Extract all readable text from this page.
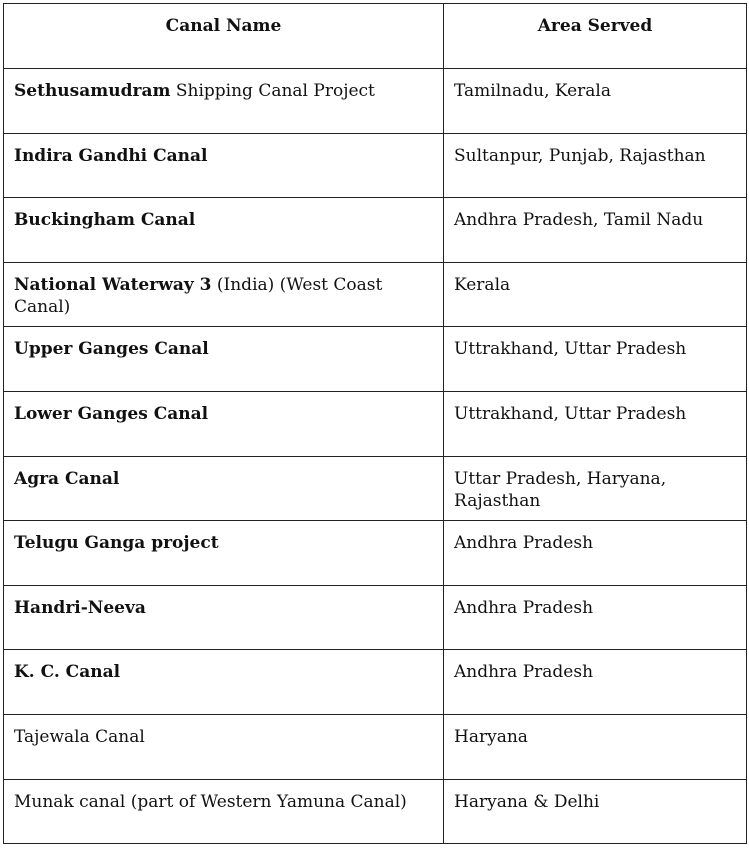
Canal Name	Area Served
Sethusamudram Shipping Canal Project	Tamilnadu, Kerala
Indira Gandhi Canal	Sultanpur, Punjab, Rajasthan
Buckingham Canal	Andhra Pradesh, Tamil Nadu
National Waterway 3 (India) (West Coast Canal)	Kerala
Upper Ganges Canal	Uttrakhand, Uttar Pradesh
Lower Ganges Canal	Uttrakhand, Uttar Pradesh
Agra Canal	Uttar Pradesh, Haryana, Rajasthan
Telugu Ganga project	Andhra Pradesh
Handri-Neeva	Andhra Pradesh
K. C. Canal	Andhra Pradesh
Tajewala Canal	Haryana
Munak canal (part of Western Yamuna Canal)	Haryana & Delhi
